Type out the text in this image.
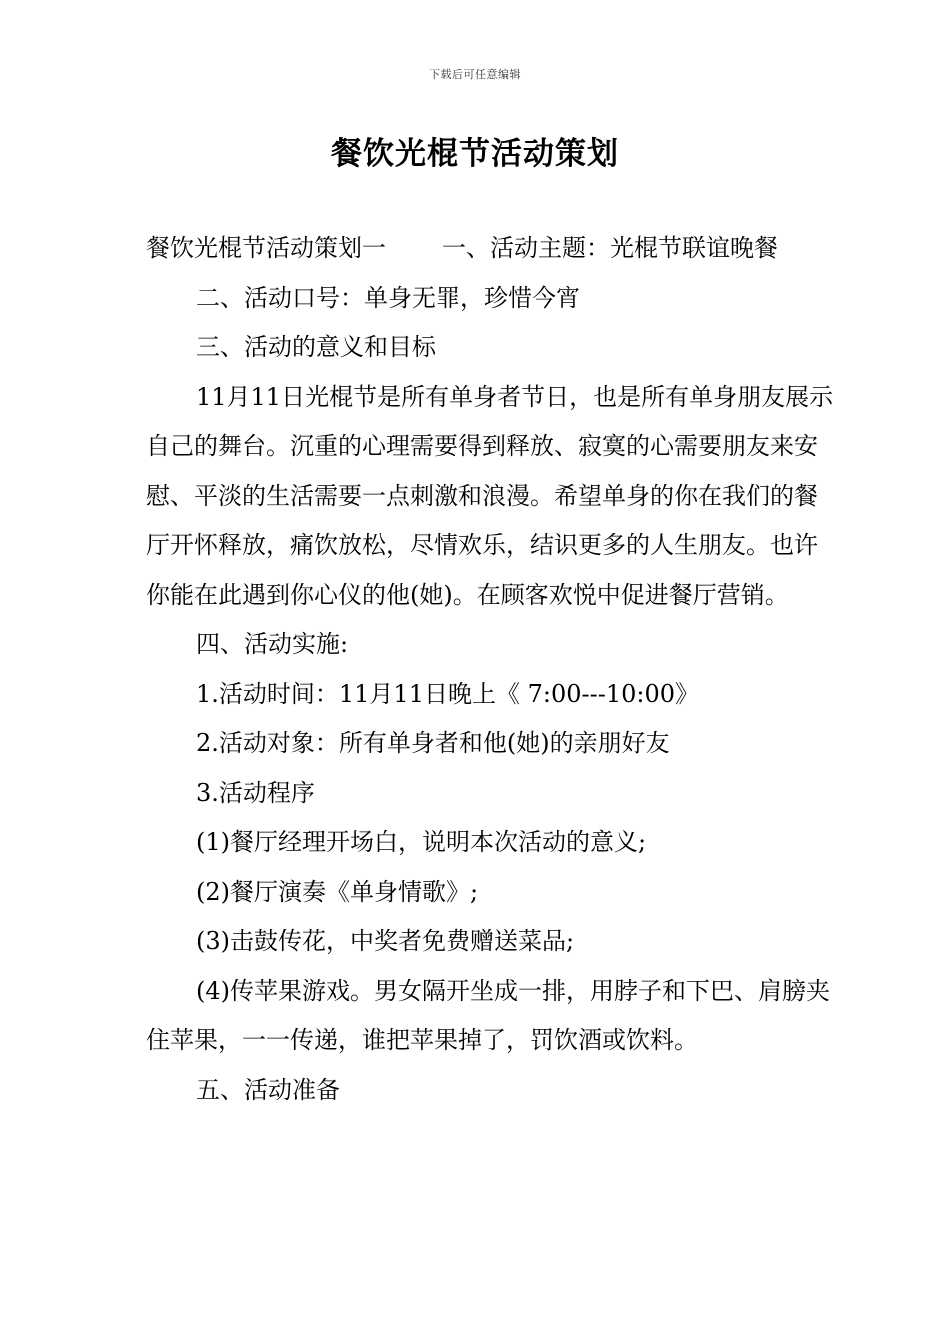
下载后可任意编辑
餐饮光棍节活动策划

餐饮光棍节活动策划一 一、活动主题：光棍节联谊晚餐

二、活动口号：单身无罪，珍惜今宵

三、活动的意义和目标

11月11日光棍节是所有单身者节日，也是所有单身朋友展示自己的舞台。沉重的心理需要得到释放、寂寞的心需要朋友来安慰、平淡的生活需要一点刺激和浪漫。希望单身的你在我们的餐厅开怀释放，痛饮放松，尽情欢乐，结识更多的人生朋友。也许你能在此遇到你心仪的他(她)。在顾客欢悦中促进餐厅营销。

四、活动实施:

1.活动时间：11月11日晚上《 7:00---10:00》

2.活动对象：所有单身者和他(她)的亲朋好友

3.活动程序

(1)餐厅经理开场白，说明本次活动的意义;

(2)餐厅演奏《单身情歌》;

(3)击鼓传花，中奖者免费赠送菜品;

(4)传苹果游戏。男女隔开坐成一排，用脖子和下巴、肩膀夹住苹果，一一传递，谁把苹果掉了，罚饮酒或饮料。

五、活动准备
